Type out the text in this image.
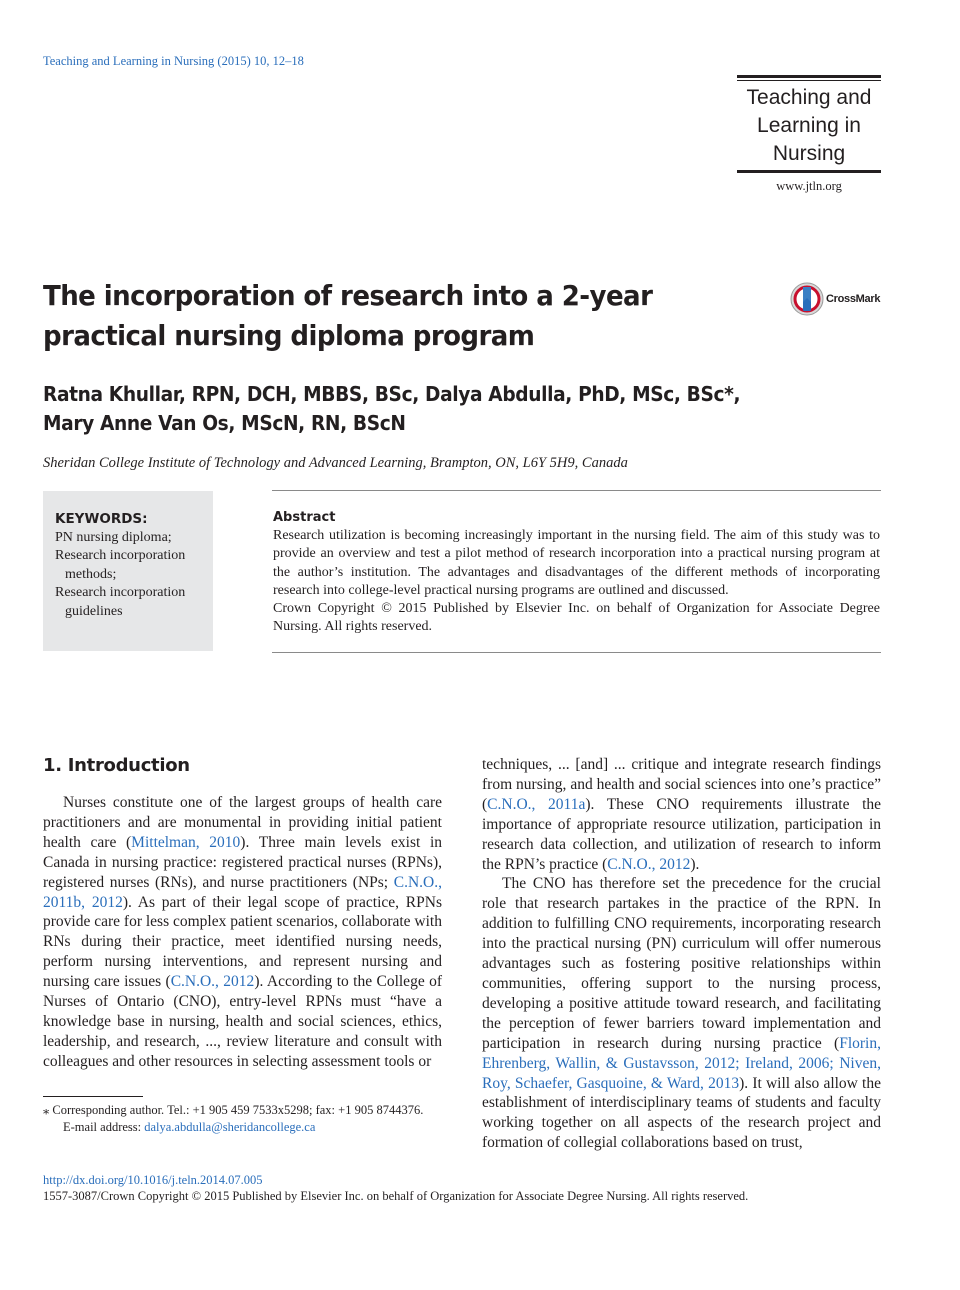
Teaching and Learning in Nursing (2015) 10, 12–18
Teaching and
Learning in
Nursing
www.jtln.org
The incorporation of research into a 2-year
practical nursing diploma program
CrossMark
Ratna Khullar, RPN, DCH, MBBS, BSc, Dalya Abdulla, PhD, MSc, BSc*,
Mary Anne Van Os, MScN, RN, BScN
Sheridan College Institute of Technology and Advanced Learning, Brampton, ON, L6Y 5H9, Canada
KEYWORDS:
PN nursing diploma;
Research incorporation methods;
Research incorporation guidelines
Abstract
Research utilization is becoming increasingly important in the nursing field. The aim of this study was to provide an overview and test a pilot method of research incorporation into a practical nursing program at the author’s institution. The advantages and disadvantages of the different methods of incorporating research into college-level practical nursing programs are outlined and discussed.
Crown Copyright © 2015 Published by Elsevier Inc. on behalf of Organization for Associate Degree Nursing. All rights reserved.
1. Introduction

Nurses constitute one of the largest groups of health care practitioners and are monumental in providing initial patient health care (Mittelman, 2010). Three main levels exist in Canada in nursing practice: registered practical nurses (RPNs), registered nurses (RNs), and nurse practitioners (NPs; C.N.O., 2011b, 2012). As part of their legal scope of practice, RPNs provide care for less complex patient scenarios, collaborate with RNs during their practice, meet identified nursing needs, perform nursing interventions, and represent nursing and nursing care issues (C.N.O., 2012). According to the College of Nurses of Ontario (CNO), entry-level RPNs must “have a knowledge base in nursing, health and social sciences, ethics, leadership, and research, ..., review literature and consult with colleagues and other resources in selecting assessment tools or

techniques, ... [and] ... critique and integrate research findings from nursing, and health and social sciences into one’s practice” (C.N.O., 2011a). These CNO requirements illustrate the importance of appropriate resource utilization, participation in research data collection, and utilization of research to inform the RPN’s practice (C.N.O., 2012).

The CNO has therefore set the precedence for the crucial role that research partakes in the practice of the RPN. In addition to fulfilling CNO requirements, incorporating research into the practical nursing (PN) curriculum will offer numerous advantages such as fostering positive relationships within communities, offering support to the nursing process, developing a positive attitude toward research, and facilitating the perception of fewer barriers toward implementation and participation in research during nursing practice (Florin, Ehrenberg, Wallin, & Gustavsson, 2012; Ireland, 2006; Niven, Roy, Schaefer, Gasquoine, & Ward, 2013). It will also allow the establishment of interdisciplinary teams of students and faculty working together on all aspects of the research project and formation of collegial collaborations based on trust,

⁎ Corresponding author. Tel.: +1 905 459 7533x5298; fax: +1 905 8744376.
E-mail address: dalya.abdulla@sheridancollege.ca
http://dx.doi.org/10.1016/j.teln.2014.07.005
1557-3087/Crown Copyright © 2015 Published by Elsevier Inc. on behalf of Organization for Associate Degree Nursing. All rights reserved.
